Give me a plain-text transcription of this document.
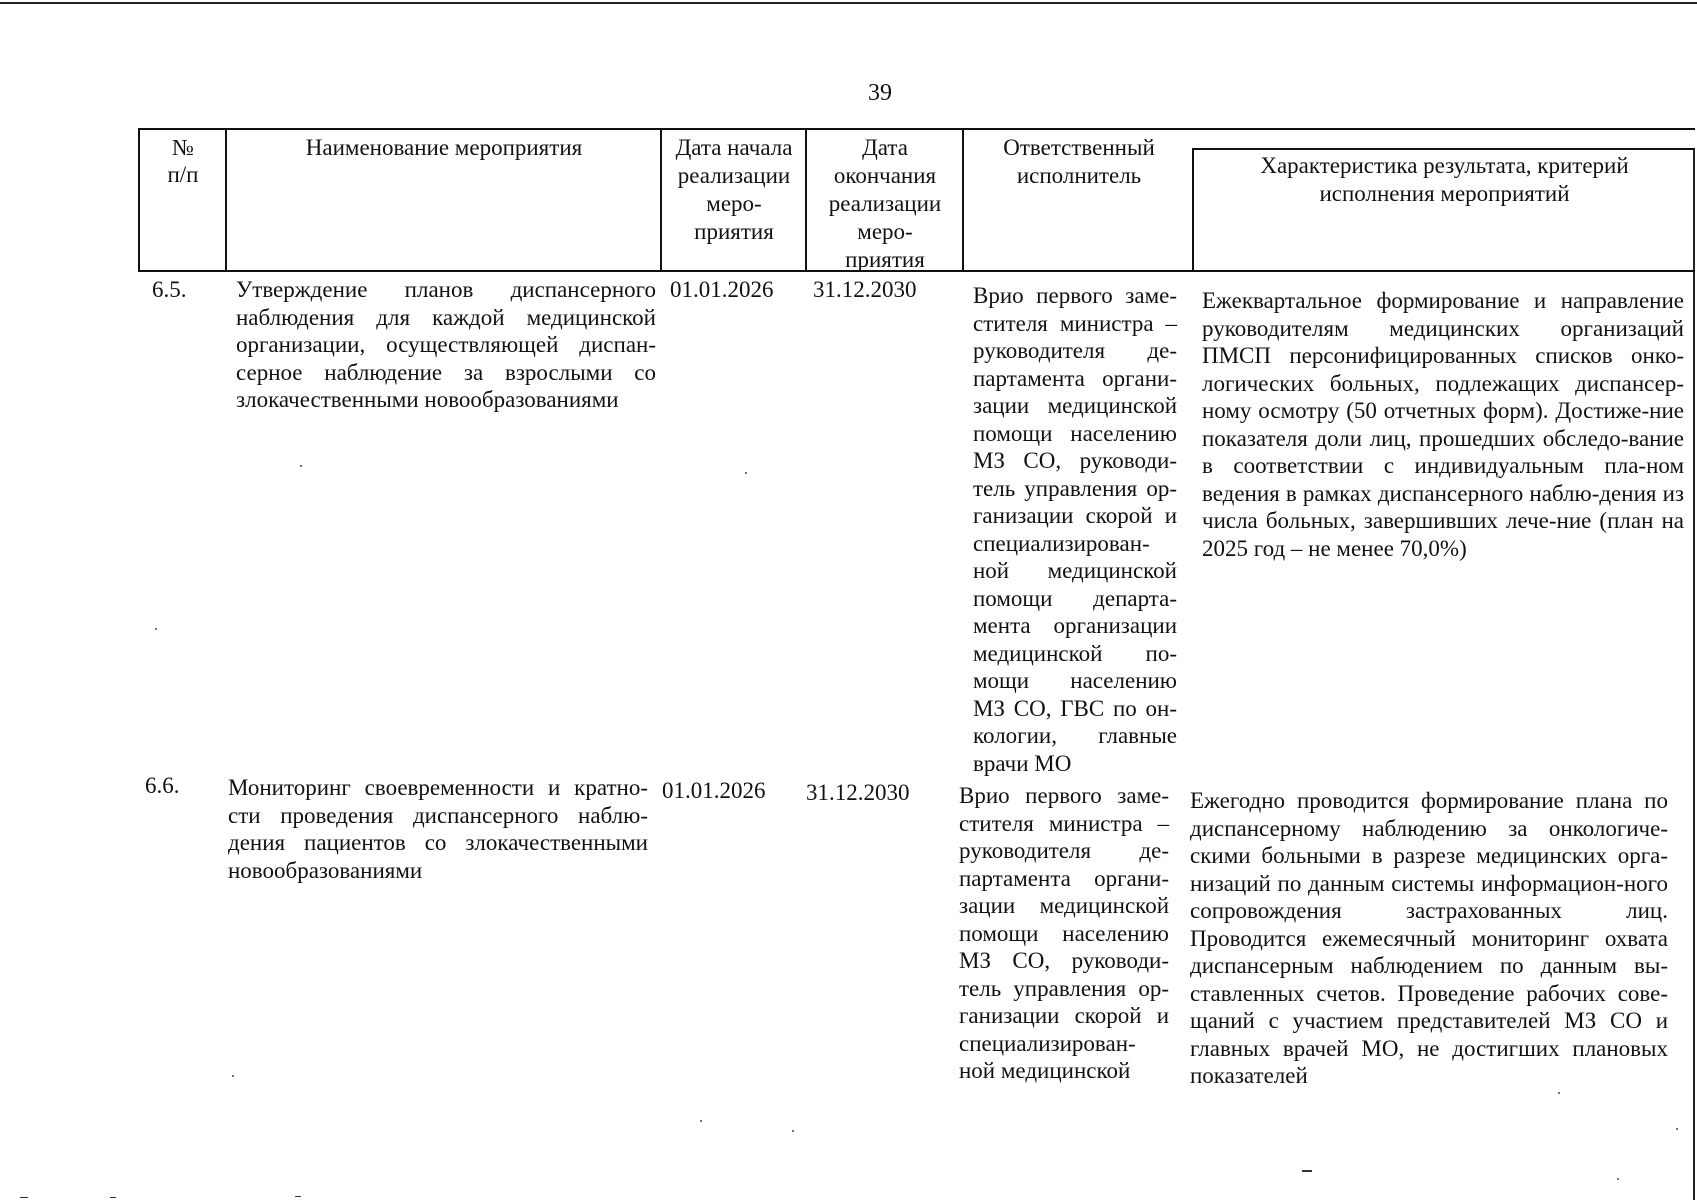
39
№ п/п
Наименование мероприятия	Дата начала реализации меро-приятия
Дата окончания реализации меро-приятия
Ответственный исполнитель	Характеристика результата, критерий исполнения мероприятий
6.5. Утверждение планов диспансерного наблюдения для каждой медицинской организации, осуществляющей диспан-серное наблюдение за взрослыми со злокачественными новообразованиями
01.01.2026 31.12.2030 Врио первого заме-стителя министра – руководителя де-партамента органи-зации медицинской помощи населению МЗ СО, руководи-тель управления ор-ганизации скорой и специализирован-ной медицинской помощи департа-мента организации медицинской по-мощи населению МЗ СО, ГВС по он-кологии, главные врачи МО
Ежеквартальное формирование и направление руководителям медицинских организаций ПМСП персонифицированных списков онко-логических больных, подлежащих диспансер-ному осмотру (50 отчетных форм). Достиже-ние показателя доли лиц, прошедших обследо-вание в соответствии с индивидуальным пла-ном ведения в рамках диспансерного наблю-дения из числа больных, завершивших лече-ние (план на 2025 год – не менее 70,0%)
6.6. Мониторинг своевременности и кратно-сти проведения диспансерного наблю-дения пациентов со злокачественными новообразованиями
01.01.2026 31.12.2030 Врио первого заме-стителя министра – руководителя де-партамента органи-зации медицинской помощи населению МЗ СО, руководи-тель управления ор-ганизации скорой и специализирован-ной медицинской
Ежегодно проводится формирование плана по диспансерному наблюдению за онкологиче-скими больными в разрезе медицинских орга-низаций по данным системы информацион-ного сопровождения застрахованных лиц. Проводится ежемесячный мониторинг охвата диспансерным наблюдением по данным вы-ставленных счетов. Проведение рабочих сове-щаний с участием представителей МЗ СО и главных врачей МО, не достигших плановых показателей
